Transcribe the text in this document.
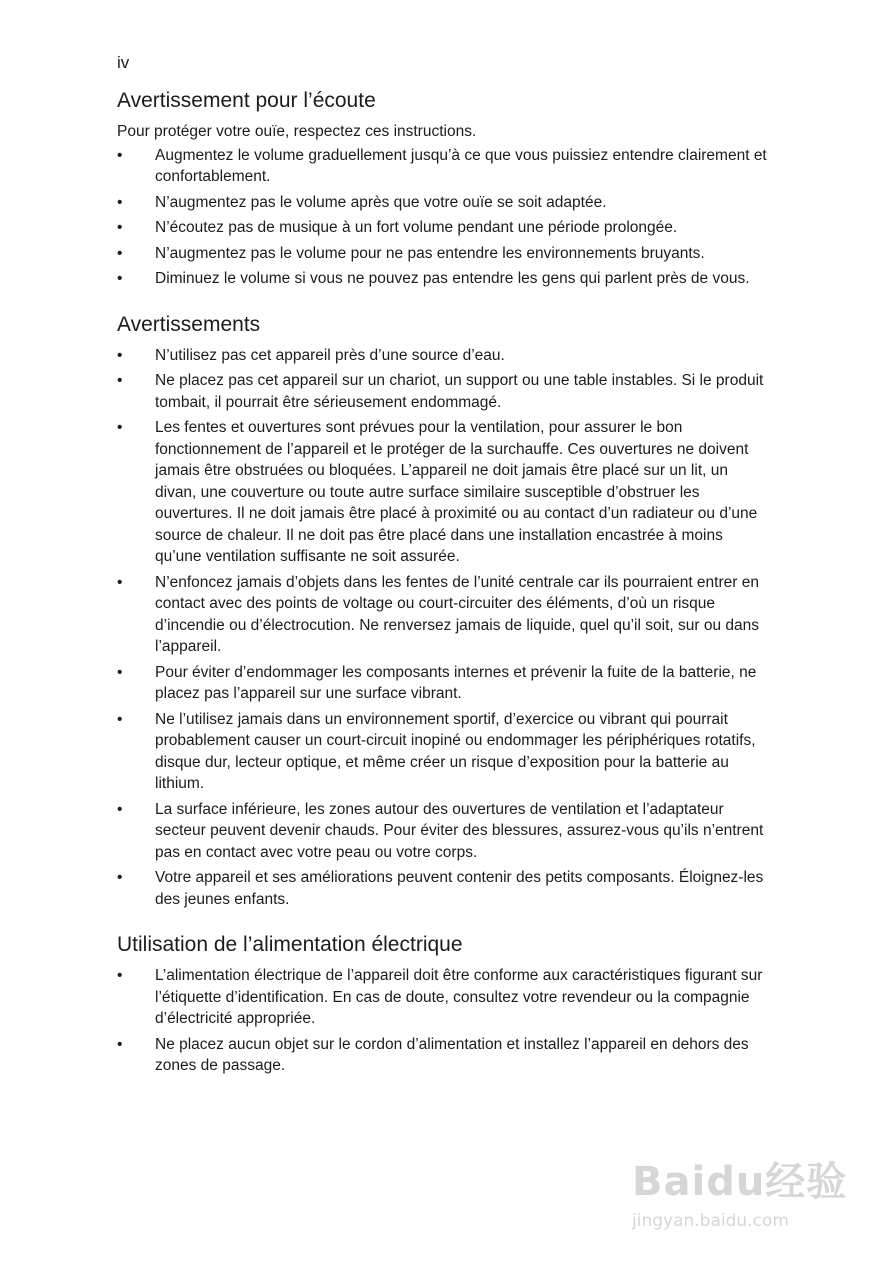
iv
Avertissement pour l’écoute

Pour protéger votre ouïe, respectez ces instructions.

• Augmentez le volume graduellement jusqu’à ce que vous puissiez entendre clairement et confortablement.
• N’augmentez pas le volume après que votre ouïe se soit adaptée.
• N’écoutez pas de musique à un fort volume pendant une période prolongée.
• N’augmentez pas le volume pour ne pas entendre les environnements bruyants.
• Diminuez le volume si vous ne pouvez pas entendre les gens qui parlent près de vous.
Avertissements
• N’utilisez pas cet appareil près d’une source d’eau.
• Ne placez pas cet appareil sur un chariot, un support ou une table instables. Si le produit tombait, il pourrait être sérieusement endommagé.
• Les fentes et ouvertures sont prévues pour la ventilation, pour assurer le bon fonctionnement de l’appareil et le protéger de la surchauffe. Ces ouvertures ne doivent jamais être obstruées ou bloquées. L’appareil ne doit jamais être placé sur un lit, un divan, une couverture ou toute autre surface similaire susceptible d’obstruer les ouvertures. Il ne doit jamais être placé à proximité ou au contact d’un radiateur ou d’une source de chaleur. Il ne doit pas être placé dans une installation encastrée à moins qu’une ventilation suffisante ne soit assurée.
• N’enfoncez jamais d’objets dans les fentes de l’unité centrale car ils pourraient entrer en contact avec des points de voltage ou court-circuiter des éléments, d’où un risque d’incendie ou d’électrocution. Ne renversez jamais de liquide, quel qu’il soit, sur ou dans l’appareil.
• Pour éviter d’endommager les composants internes et prévenir la fuite de la batterie, ne placez pas l’appareil sur une surface vibrant.
• Ne l’utilisez jamais dans un environnement sportif, d’exercice ou vibrant qui pourrait probablement causer un court-circuit inopiné ou endommager les périphériques rotatifs, disque dur, lecteur optique, et même créer un risque d’exposition pour la batterie au lithium.
• La surface inférieure, les zones autour des ouvertures de ventilation et l’adaptateur secteur peuvent devenir chauds. Pour éviter des blessures, assurez-vous qu’ils n’entrent pas en contact avec votre peau ou votre corps.
• Votre appareil et ses améliorations peuvent contenir des petits composants. Éloignez-les des jeunes enfants.
Utilisation de l’alimentation électrique
• L’alimentation électrique de l’appareil doit être conforme aux caractéristiques figurant sur l’étiquette d’identification. En cas de doute, consultez votre revendeur ou la compagnie d’électricité appropriée.
• Ne placez aucun objet sur le cordon d’alimentation et installez l’appareil en dehors des zones de passage.
Baidu经验
jingyan.baidu.com
